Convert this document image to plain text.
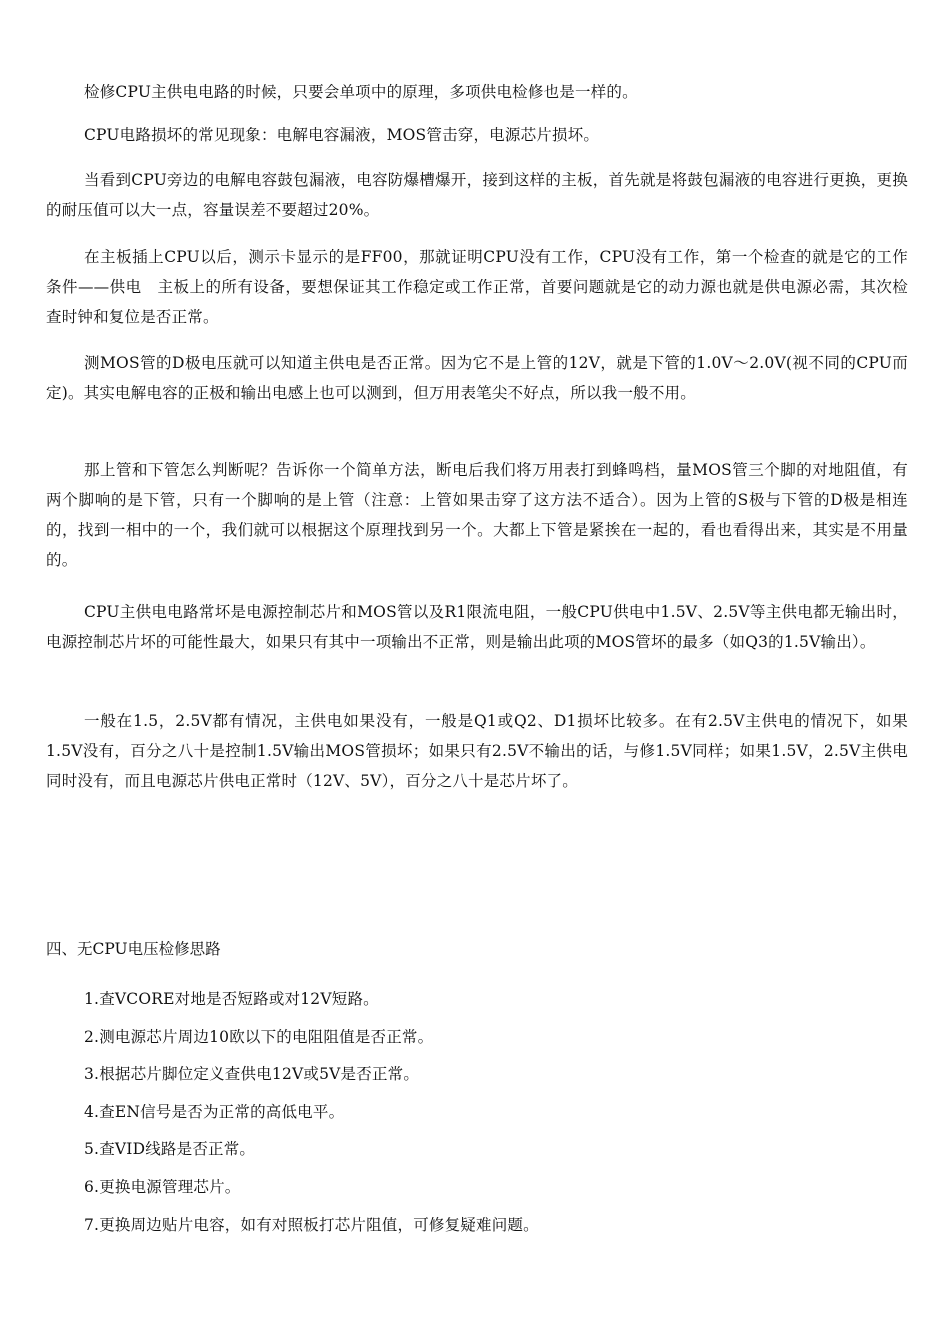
检修CPU主供电电路的时候，只要会单项中的原理，多项供电检修也是一样的。

CPU电路损坏的常见现象：电解电容漏液，MOS管击穿，电源芯片损坏。

当看到CPU旁边的电解电容鼓包漏液，电容防爆槽爆开，接到这样的主板，首先就是将鼓包漏液的电容进行更换，更换的耐压值可以大一点，容量误差不要超过20%。

在主板插上CPU以后，测示卡显示的是FF00，那就证明CPU没有工作，CPU没有工作，第一个检查的就是它的工作条件——供电　主板上的所有设备，要想保证其工作稳定或工作正常，首要问题就是它的动力源也就是供电源必需，其次检查时钟和复位是否正常。

测MOS管的D极电压就可以知道主供电是否正常。因为它不是上管的12V，就是下管的1.0V～2.0V(视不同的CPU而定)。其实电解电容的正极和输出电感上也可以测到，但万用表笔尖不好点，所以我一般不用。

那上管和下管怎么判断呢？告诉你一个简单方法，断电后我们将万用表打到蜂鸣档，量MOS管三个脚的对地阻值，有两个脚响的是下管，只有一个脚响的是上管（注意：上管如果击穿了这方法不适合）。因为上管的S极与下管的D极是相连的，找到一相中的一个，我们就可以根据这个原理找到另一个。大都上下管是紧挨在一起的，看也看得出来，其实是不用量的。

CPU主供电电路常坏是电源控制芯片和MOS管以及R1限流电阻，一般CPU供电中1.5V、2.5V等主供电都无输出时，电源控制芯片坏的可能性最大，如果只有其中一项输出不正常，则是输出此项的MOS管坏的最多（如Q3的1.5V输出）。

一般在1.5，2.5V都有情况，主供电如果没有，一般是Q1或Q2、D1损坏比较多。在有2.5V主供电的情况下，如果1.5V没有，百分之八十是控制1.5V输出MOS管损坏；如果只有2.5V不输出的话，与修1.5V同样；如果1.5V，2.5V主供电同时没有，而且电源芯片供电正常时（12V、5V），百分之八十是芯片坏了。

四、无CPU电压检修思路

1.查VCORE对地是否短路或对12V短路。
2.测电源芯片周边10欧以下的电阻阻值是否正常。
3.根据芯片脚位定义查供电12V或5V是否正常。
4.查EN信号是否为正常的高低电平。
5.查VID线路是否正常。
6.更换电源管理芯片。
7.更换周边贴片电容，如有对照板打芯片阻值，可修复疑难问题。
